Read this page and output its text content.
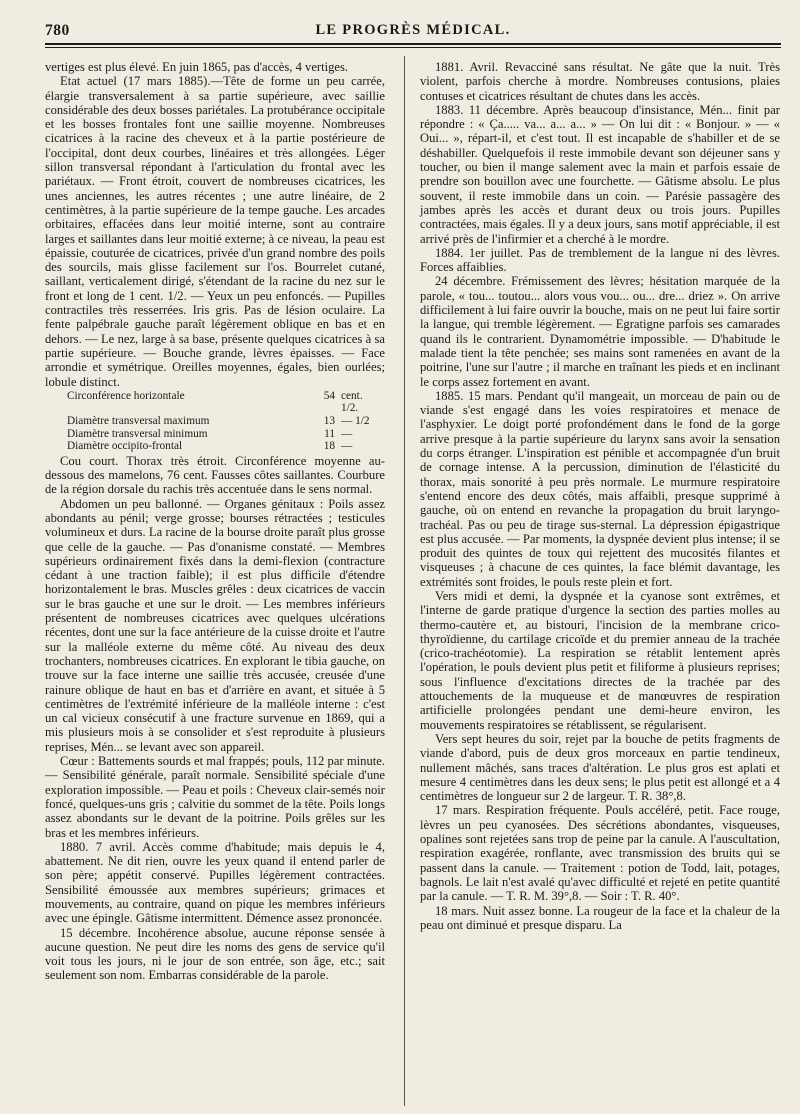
780	LE PROGRÈS MÉDICAL.

vertiges est plus élevé. En juin 1865, pas d'accès, 4 vertiges.

Etat actuel (17 mars 1885).—Tête de forme un peu carrée, élargie transversalement à sa partie supérieure, avec saillie considérable des deux bosses pariétales. La protubérance occipitale et les bosses frontales font une saillie moyenne. Nombreuses cicatrices à la racine des cheveux et à la partie postérieure de l'occipital, dont deux courbes, linéaires et très allongées. Léger sillon transversal répondant à l'articulation du frontal avec les pariétaux. — Front étroit, couvert de nombreuses cicatrices, les unes anciennes, les autres récentes ; une autre linéaire, de 2 centimètres, à la partie supérieure de la tempe gauche. Les arcades orbitaires, effacées dans leur moitié interne, sont au contraire larges et saillantes dans leur moitié externe; à ce niveau, la peau est épaissie, couturée de cicatrices, privée d'un grand nombre des poils des sourcils, mais glisse facilement sur l'os. Bourrelet cutané, saillant, verticalement dirigé, s'étendant de la racine du nez sur le front et long de 1 cent. 1/2. — Yeux un peu enfoncés. — Pupilles contractiles très resserrées. Iris gris. Pas de lésion oculaire. La fente palpébrale gauche paraît légèrement oblique en bas et en dehors. — Le nez, large à sa base, présente quelques cicatrices à sa partie supérieure. — Bouche grande, lèvres épaisses. — Face arrondie et symétrique. Oreilles moyennes, égales, bien ourlées; lobule distinct.

Circonférence horizontale	54	cent. 1/2.
Diamètre transversal maximum	13	— 1/2
Diamètre transversal minimum	11	—
Diamètre occipito-frontal	18	—

Cou court. Thorax très étroit. Circonférence moyenne au-dessous des mamelons, 76 cent. Fausses côtes saillantes. Courbure de la région dorsale du rachis très accentuée dans le sens normal.

Abdomen un peu ballonné. — Organes génitaux : Poils assez abondants au pénil; verge grosse; bourses rétractées ; testicules volumineux et durs. La racine de la bourse droite paraît plus grosse que celle de la gauche. — Pas d'onanisme constaté. — Membres supérieurs ordinairement fixés dans la demi-flexion (contracture cédant à une traction faible); il est plus difficile d'étendre horizontalement le bras. Muscles grêles : deux cicatrices de vaccin sur le bras gauche et une sur le droit. — Les membres inférieurs présentent de nombreuses cicatrices avec quelques ulcérations récentes, dont une sur la face antérieure de la cuisse droite et l'autre sur la malléole externe du même côté. Au niveau des deux trochanters, nombreuses cicatrices. En explorant le tibia gauche, on trouve sur la face interne une saillie très accusée, creusée d'une rainure oblique de haut en bas et d'arrière en avant, et située à 5 centimètres de l'extrémité inférieure de la malléole interne : c'est un cal vicieux consécutif à une fracture survenue en 1869, qui a mis plusieurs mois à se consolider et s'est reproduite à plusieurs reprises, Mén... se levant avec son appareil.

Cœur : Battements sourds et mal frappés; pouls, 112 par minute. — Sensibilité générale, paraît normale. Sensibilité spéciale d'une exploration impossible. — Peau et poils : Cheveux clair-semés noir foncé, quelques-uns gris ; calvitie du sommet de la tête. Poils longs assez abondants sur le devant de la poitrine. Poils grêles sur les bras et les membres inférieurs.

1880. 7 avril. Accès comme d'habitude; mais depuis le 4, abattement. Ne dit rien, ouvre les yeux quand il entend parler de son père; appétit conservé. Pupilles légèrement contractées. Sensibilité émoussée aux membres supérieurs; grimaces et mouvements, au contraire, quand on pique les membres inférieurs avec une épingle. Gâtisme intermittent. Démence assez prononcée.

15 décembre. Incohérence absolue, aucune réponse sensée à aucune question. Ne peut dire les noms des gens de service qu'il voit tous les jours, ni le jour de son entrée, son âge, etc.; sait seulement son nom. Embarras considérable de la parole.

1881. Avril. Revacciné sans résultat. Ne gâte que la nuit. Très violent, parfois cherche à mordre. Nombreuses contusions, plaies contuses et cicatrices résultant de chutes dans les accès.

1883. 11 décembre. Après beaucoup d'insistance, Mén... finit par répondre : « Ça..... va... a... a... » — On lui dit : « Bonjour. » — « Oui... », répart-il, et c'est tout. Il est incapable de s'habiller et de se déshabiller. Quelquefois il reste immobile devant son déjeuner sans y toucher, ou bien il mange salement avec la main et parfois essaie de prendre son bouillon avec une fourchette. — Gâtisme absolu. Le plus souvent, il reste immobile dans un coin. — Parésie passagère des jambes après les accès et durant deux ou trois jours. Pupilles contractées, mais égales. Il y a deux jours, sans motif appréciable, il est arrivé près de l'infirmier et a cherché à le mordre.

1884. 1er juillet. Pas de tremblement de la langue ni des lèvres. Forces affaiblies.

24 décembre. Frémissement des lèvres; hésitation marquée de la parole, « tou... toutou... alors vous vou... ou... dre... driez ». On arrive difficilement à lui faire ouvrir la bouche, mais on ne peut lui faire sortir la langue, qui tremble légèrement. — Egratigne parfois ses camarades quand ils le contrarient. Dynamométrie impossible. — D'habitude le malade tient la tête penchée; ses mains sont ramenées en avant de la poitrine, l'une sur l'autre ; il marche en traînant les pieds et en inclinant le corps assez fortement en avant.

1885. 15 mars. Pendant qu'il mangeait, un morceau de pain ou de viande s'est engagé dans les voies respiratoires et menace de l'asphyxier. Le doigt porté profondément dans le fond de la gorge arrive presque à la partie supérieure du larynx sans avoir la sensation du corps étranger. L'inspiration est pénible et accompagnée d'un bruit de cornage intense. A la percussion, diminution de l'élasticité du thorax, mais sonorité à peu près normale. Le murmure respiratoire s'entend encore des deux côtés, mais affaibli, presque supprimé à gauche, où on entend en revanche la propagation du bruit laryngo-trachéal. Pas ou peu de tirage sus-sternal. La dépression épigastrique est plus accusée. — Par moments, la dyspnée devient plus intense; il se produit des quintes de toux qui rejettent des mucosités filantes et visqueuses ; à chacune de ces quintes, la face blémit davantage, les extrémités sont froides, le pouls reste plein et fort.

Vers midi et demi, la dyspnée et la cyanose sont extrêmes, et l'interne de garde pratique d'urgence la section des parties molles au thermo-cautère et, au bistouri, l'incision de la membrane crico-thyroïdienne, du cartilage cricoïde et du premier anneau de la trachée (crico-trachéotomie). La respiration se rétablit lentement après l'opération, le pouls devient plus petit et filiforme à plusieurs reprises; sous l'influence d'excitations directes de la trachée par des attouchements de la muqueuse et de manœuvres de respiration artificielle prolongées pendant une demi-heure environ, les mouvements respiratoires se rétablissent, se régularisent.

Vers sept heures du soir, rejet par la bouche de petits fragments de viande d'abord, puis de deux gros morceaux en partie tendineux, nullement mâchés, sans traces d'altération. Le plus gros est aplati et mesure 4 centimètres dans les deux sens; le plus petit est allongé et a 4 centimètres de longueur sur 2 de largeur. T. R. 38°,8.

17 mars. Respiration fréquente. Pouls accéléré, petit. Face rouge, lèvres un peu cyanosées. Des sécrétions abondantes, visqueuses, opalines sont rejetées sans trop de peine par la canule. A l'auscultation, respiration exagérée, ronflante, avec transmission des bruits qui se passent dans la canule. — Traitement : potion de Todd, lait, potages, bagnols. Le lait n'est avalé qu'avec difficulté et rejeté en petite quantité par la canule. — T. R. M. 39°,8. — Soir : T. R. 40°.

18 mars. Nuit assez bonne. La rougeur de la face et la chaleur de la peau ont diminué et presque disparu. La
